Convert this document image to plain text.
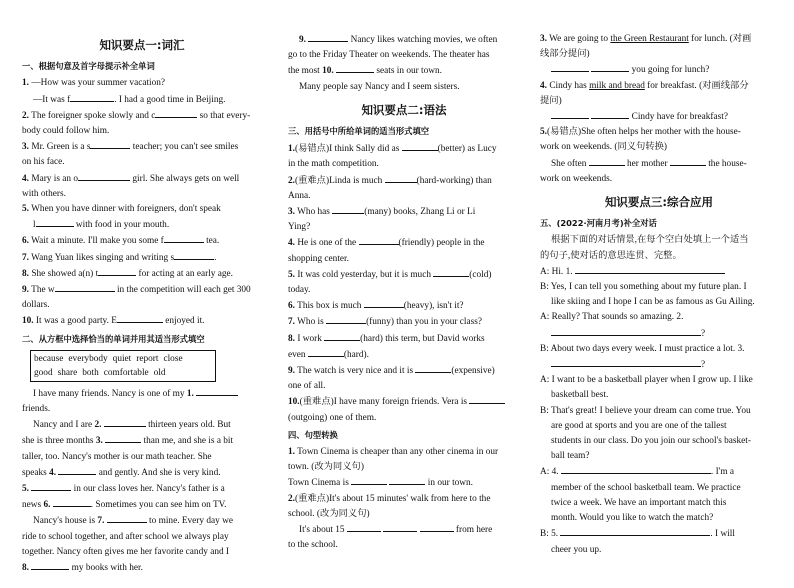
知识要点一:词汇
一、根据句意及首字母提示补全单词
1. —How was your summer vacation?
—It was f	. I had a good time in Beijing.
2. The foreigner spoke slowly and c	so that every-
body could follow him.
3. Mr. Green is a s	teacher; you can't see smiles
on his face.
4. Mary is an o	girl. She always gets on well
with others.
5. When you have dinner with foreigners, don't speak
l	with food in your mouth.
6. Wait a minute. I'll make you some f	tea.
7. Wang Yuan likes singing and writing s	.
8. She showed a(n) t	for acting at an early age.
9. The w	in the competition will each get 300
dollars.
10. It was a good party. E	enjoyed it.
二、从方框中选择恰当的单词并用其适当形式填空
because everybody quiet report close
good share both comfortable old
I have many friends. Nancy is one of my 1.
friends.
Nancy and I are 2.	thirteen years old. But
she is three months 3.	than me, and she is a bit
taller, too. Nancy's mother is our math teacher. She
speaks 4.	and gently. And she is very kind.
5.	in our class loves her. Nancy's father is a
news 6.	. Sometimes you can see him on TV.
Nancy's house is 7.	to mine. Every day we
ride to school together, and after school we always play
together. Nancy often gives me her favorite candy and I
8.	my books with her.
9.	Nancy likes watching movies, we often
go to the Friday Theater on weekends. The theater has
the most 10.	seats in our town.
Many people say Nancy and I seem sisters.
知识要点二:语法
三、用括号中所给单词的适当形式填空
1.(易错点)I think Sally did as	(better) as Lucy
in the math competition.
2.(重难点)Linda is much	(hard-working) than
Anna.
3. Who has	(many) books, Zhang Li or Li
Ying?
4. He is one of the	(friendly) people in the
shopping center.
5. It was cold yesterday, but it is much	(cold)
today.
6. This box is much	(heavy), isn't it?
7. Who is	(funny) than you in your class?
8. I work	(hard) this term, but David works
even	(hard).
9. The watch is very nice and it is	(expensive)
one of all.
10.(重难点)I have many foreign friends. Vera is
(outgoing) one of them.
四、句型转换
1. Town Cinema is cheaper than any other cinema in our
town. (改为同义句)
Town Cinema is	in our town.
2.(重难点)It's about 15 minutes' walk from here to the
school. (改为同义句)
It's about 15	from here
to the school.
3. We are going to the Green Restaurant for lunch. (对画
线部分提问)
you going for lunch?
4. Cindy has milk and bread for breakfast. (对画线部分
提问)
Cindy have for breakfast?
5.(易错点)She often helps her mother with the house-
work on weekends. (同义句转换)
She often	her mother	the house-
work on weekends.
知识要点三:综合应用
五、(2022·河南月考)补全对话
根据下面的对话情景,在每个空白处填上一个适当
的句子,使对话的意思连贯、完整。
A: Hi. 1.
B: Yes, I can tell you something about my future plan. I
like skiing and I hope I can be as famous as Gu Ailing.
A: Really? That sounds so amazing. 2.
?
B: About two days every week. I must practice a lot. 3.
?
A: I want to be a basketball player when I grow up. I like
basketball best.
B: That's great! I believe your dream can come true. You
are good at sports and you are one of the tallest
students in our class. Do you join our school's basket-
ball team?
A: 4.	. I'm a
member of the school basketball team. We practice
twice a week. We have an important match this
month. Would you like to watch the match?
B: 5.	. I will
cheer you up.
